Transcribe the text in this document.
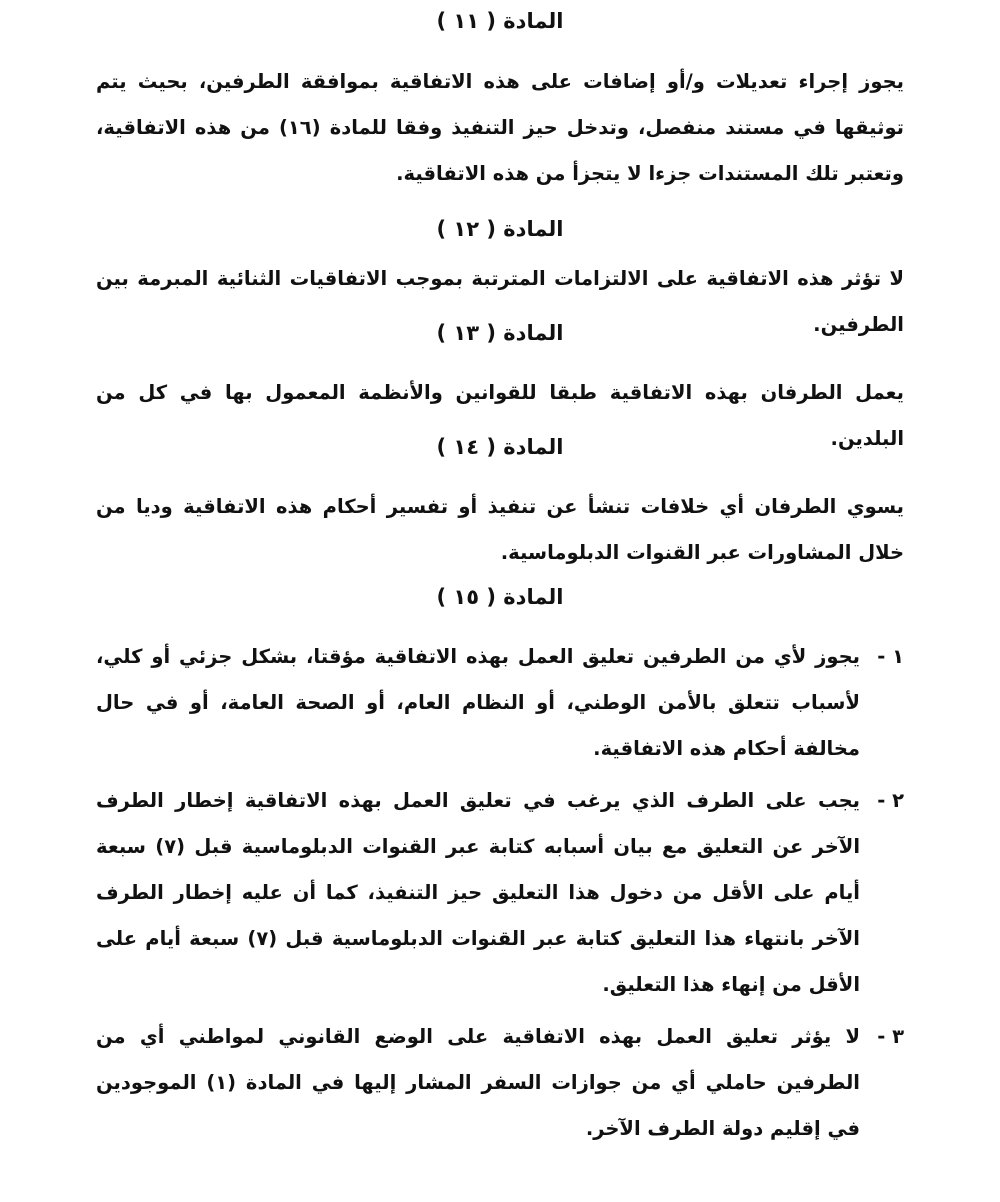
المادة ( ١١ )

يجوز إجراء تعديلات و/أو إضافات على هذه الاتفاقية بموافقة الطرفين، بحيث يتم توثيقها في مستند منفصل، وتدخل حيز التنفيذ وفقا للمادة (١٦) من هذه الاتفاقية، وتعتبر تلك المستندات جزءا لا يتجزأ من هذه الاتفاقية.

المادة ( ١٢ )

لا تؤثر هذه الاتفاقية على الالتزامات المترتبة بموجب الاتفاقيات الثنائية المبرمة بين الطرفين.

المادة ( ١٣ )

يعمل الطرفان بهذه الاتفاقية طبقا للقوانين والأنظمة المعمول بها في كل من البلدين.

المادة ( ١٤ )

يسوي الطرفان أي خلافات تنشأ عن تنفيذ أو تفسير أحكام هذه الاتفاقية وديا من خلال المشاورات عبر القنوات الدبلوماسية.

المادة ( ١٥ )
١ -
يجوز لأي من الطرفين تعليق العمل بهذه الاتفاقية مؤقتا، بشكل جزئي أو كلي، لأسباب تتعلق بالأمن الوطني، أو النظام العام، أو الصحة العامة، أو في حال مخالفة أحكام هذه الاتفاقية.
٢ -
يجب على الطرف الذي يرغب في تعليق العمل بهذه الاتفاقية إخطار الطرف الآخر عن التعليق مع بيان أسبابه كتابة عبر القنوات الدبلوماسية قبل (٧) سبعة أيام على الأقل من دخول هذا التعليق حيز التنفيذ، كما أن عليه إخطار الطرف الآخر بانتهاء هذا التعليق كتابة عبر القنوات الدبلوماسية قبل (٧) سبعة أيام على الأقل من إنهاء هذا التعليق.
٣ -
لا يؤثر تعليق العمل بهذه الاتفاقية على الوضع القانوني لمواطني أي من الطرفين حاملي أي من جوازات السفر المشار إليها في المادة (١) الموجودين في إقليم دولة الطرف الآخر.
